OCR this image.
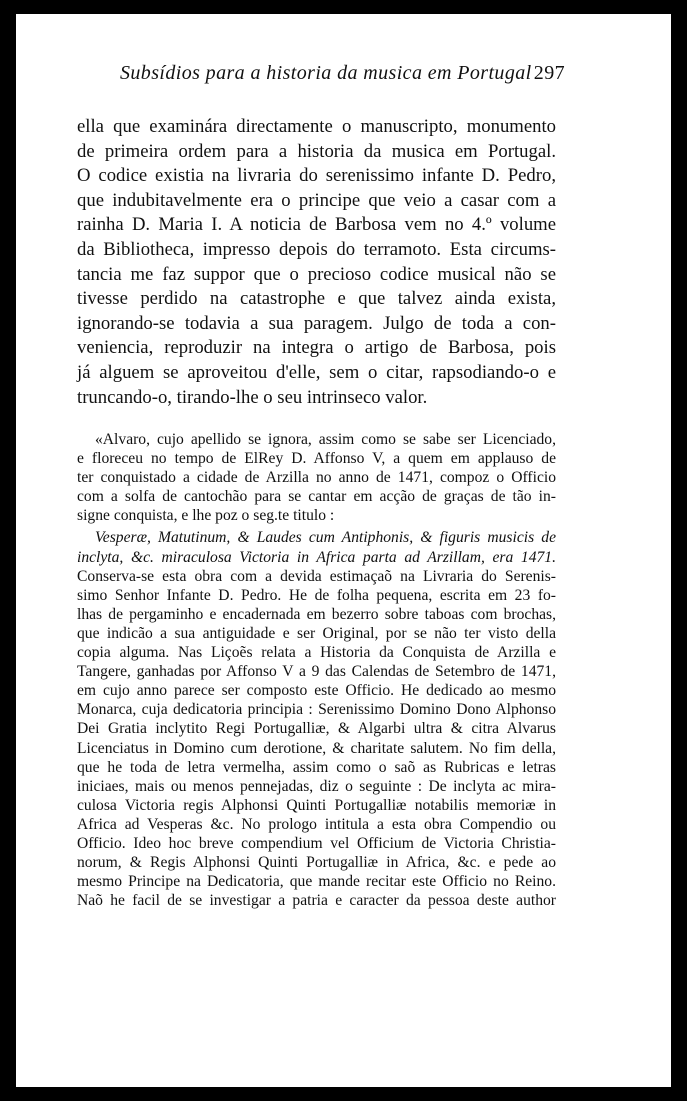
Subsídios para a historia da musica em Portugal 297
ella que examinára directamente o manuscripto, monumento
de primeira ordem para a historia da musica em Portugal.
O codice existia na livraria do serenissimo infante D. Pedro,
que indubitavelmente era o principe que veio a casar com a
rainha D. Maria I. A noticia de Barbosa vem no 4.º volume
da Bibliotheca, impresso depois do terramoto. Esta circums-
tancia me faz suppor que o precioso codice musical não se
tivesse perdido na catastrophe e que talvez ainda exista,
ignorando-se todavia a sua paragem. Julgo de toda a con-
veniencia, reproduzir na integra o artigo de Barbosa, pois
já alguem se aproveitou d'elle, sem o citar, rapsodiando-o e
truncando-o, tirando-lhe o seu intrinseco valor.
«Alvaro, cujo apellido se ignora, assim como se sabe ser Licenciado,
e floreceu no tempo de ElRey D. Affonso V, a quem em applauso de
ter conquistado a cidade de Arzilla no anno de 1471, compoz o Officio
com a solfa de cantochão para se cantar em acção de graças de tão in-
signe conquista, e lhe poz o seg.te titulo :
Vesperæ, Matutinum, & Laudes cum Antiphonis, & figuris musicis de
inclyta, &c. miraculosa Victoria in Africa parta ad Arzillam, era 1471.
Conserva-se esta obra com a devida estimaçaõ na Livraria do Serenis-
simo Senhor Infante D. Pedro. He de folha pequena, escrita em 23 fo-
lhas de pergaminho e encadernada em bezerro sobre taboas com brochas,
que indicão a sua antiguidade e ser Original, por se não ter visto della
copia alguma. Nas Liçoẽs relata a Historia da Conquista de Arzilla e
Tangere, ganhadas por Affonso V a 9 das Calendas de Setembro de 1471,
em cujo anno parece ser composto este Officio. He dedicado ao mesmo
Monarca, cuja dedicatoria principia : Serenissimo Domino Dono Alphonso
Dei Gratia inclytito Regi Portugalliæ, & Algarbi ultra & citra Alvarus
Licenciatus in Domino cum derotione, & charitate salutem. No fim della,
que he toda de letra vermelha, assim como o saõ as Rubricas e letras
iniciaes, mais ou menos pennejadas, diz o seguinte : De inclyta ac mira-
culosa Victoria regis Alphonsi Quinti Portugalliæ notabilis memoriæ in
Africa ad Vesperas &c. No prologo intitula a esta obra Compendio ou
Officio. Ideo hoc breve compendium vel Officium de Victoria Christia-
norum, & Regis Alphonsi Quinti Portugalliæ in Africa, &c. e pede ao
mesmo Principe na Dedicatoria, que mande recitar este Officio no Reino.
Naõ he facil de se investigar a patria e caracter da pessoa deste author
